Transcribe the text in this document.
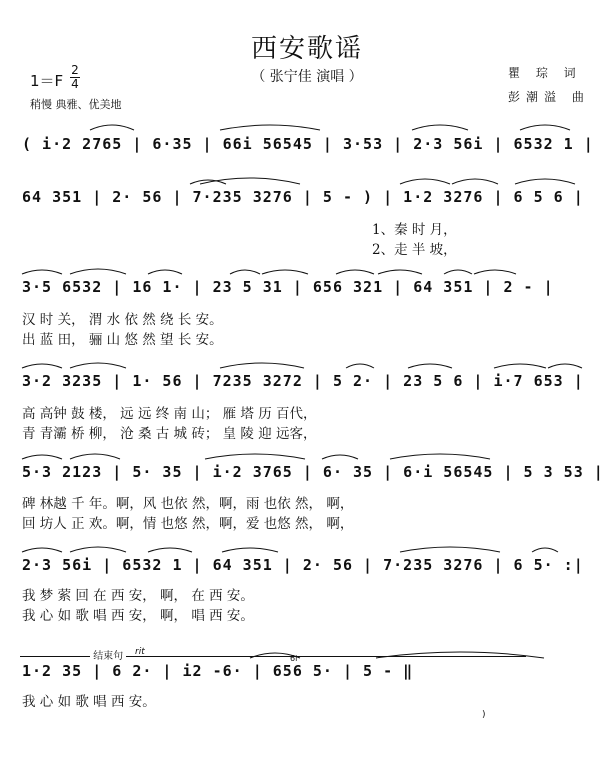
西安歌谣
（ 张宁佳 演唱 ）
1＝F
2
4
稍慢 典雅、优美地
瞿 琮 词
彭潮溢 曲
( i·2 2765 | 6·35 | 66i 56545 | 3·53 | 2·3 56i | 6532 1 |
64 351 | 2· 56 | 7·235 3276 | 5 - ) | 1·2 3276 | 6 5 6 |
1、秦 时 月，
2、走 半 坡，
3·5 6532 | 16 1· | 23 5 31 | 656 321 | 64 351 | 2 - |
汉 时 关， 渭 水 依 然 绕 长 安。
出 蓝 田， 骊 山 悠 然 望 长 安。
3·2 3235 | 1· 56 | 7235 3272 | 5 2· | 23 5 6 | i·7 653 |
高 高钟 鼓 楼， 远 远 终 南 山； 雁 塔 历 百代，
青 青灞 桥 柳， 沧 桑 古 城 砖； 皇 陵 迎 远客，
5·3 2123 | 5· 35 | i·2 3765 | 6· 35 | 6·i 56545 | 5 3 53 |
碑 林越 千 年。啊，风 也依 然，啊，雨 也依 然， 啊，
回 坊人 正 欢。啊，情 也悠 然，啊，爱 也悠 然， 啊，
2·3 56i | 6532 1 | 64 351 | 2· 56 | 7·235 3276 | 6 5· :|
我 梦 萦 回 在 西 安， 啊， 在 西 安。
我 心 如 歌 唱 西 安， 啊， 唱 西 安。
结束句	rit
6i
1·2 35 | 6 2· | i2 ‑6· | 656 5· | 5 - ‖
我 心 如 歌 唱 西 安。
)
